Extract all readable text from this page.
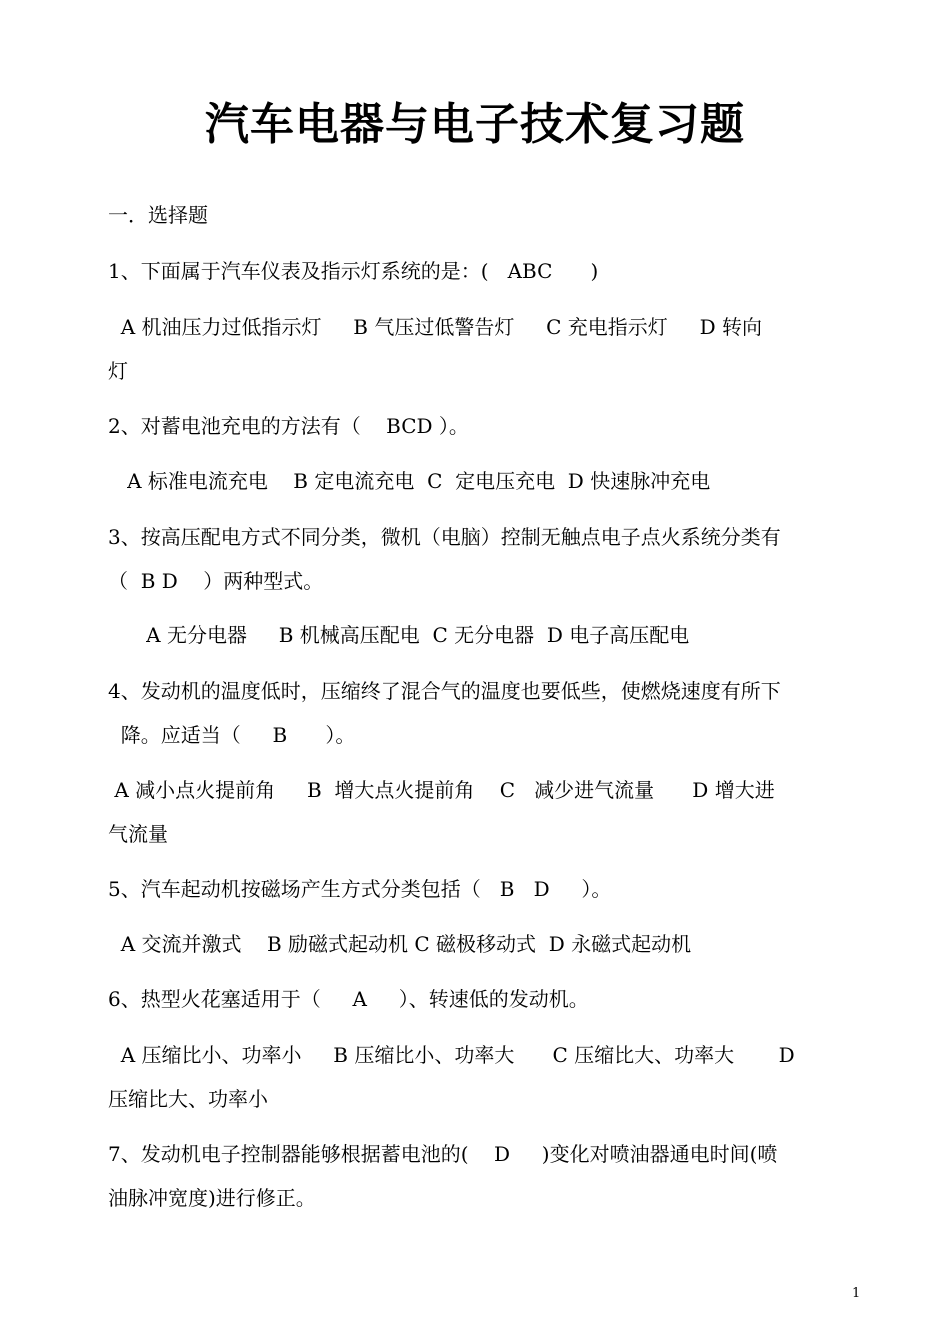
汽车电器与电子技术复习题
一．选择题
1、下面属于汽车仪表及指示灯系统的是：(   ABC      )
A 机油压力过低指示灯     B 气压过低警告灯     C 充电指示灯     D 转向
灯
2、对蓄电池充电的方法有（    BCD ）。
A 标准电流充电    B 定电流充电  C  定电压充电  D 快速脉冲充电
3、按高压配电方式不同分类，微机（电脑）控制无触点电子点火系统分类有
（  B D    ）两种型式。
A 无分电器     B 机械高压配电  C 无分电器  D 电子高压配电
4、发动机的温度低时，压缩终了混合气的温度也要低些，使燃烧速度有所下
降。应适当（     B      ）。
A 减小点火提前角     B  增大点火提前角    C   减少进气流量      D 增大进
气流量
5、汽车起动机按磁场产生方式分类包括（   B   D     ）。
A 交流并激式    B 励磁式起动机 C 磁极移动式  D 永磁式起动机
6、热型火花塞适用于（     A     ）、转速低的发动机。
A 压缩比小、功率小     B 压缩比小、功率大      C 压缩比大、功率大       D
压缩比大、功率小
7、发动机电子控制器能够根据蓄电池的(    D     )变化对喷油器通电时间(喷
油脉冲宽度)进行修正。
1
